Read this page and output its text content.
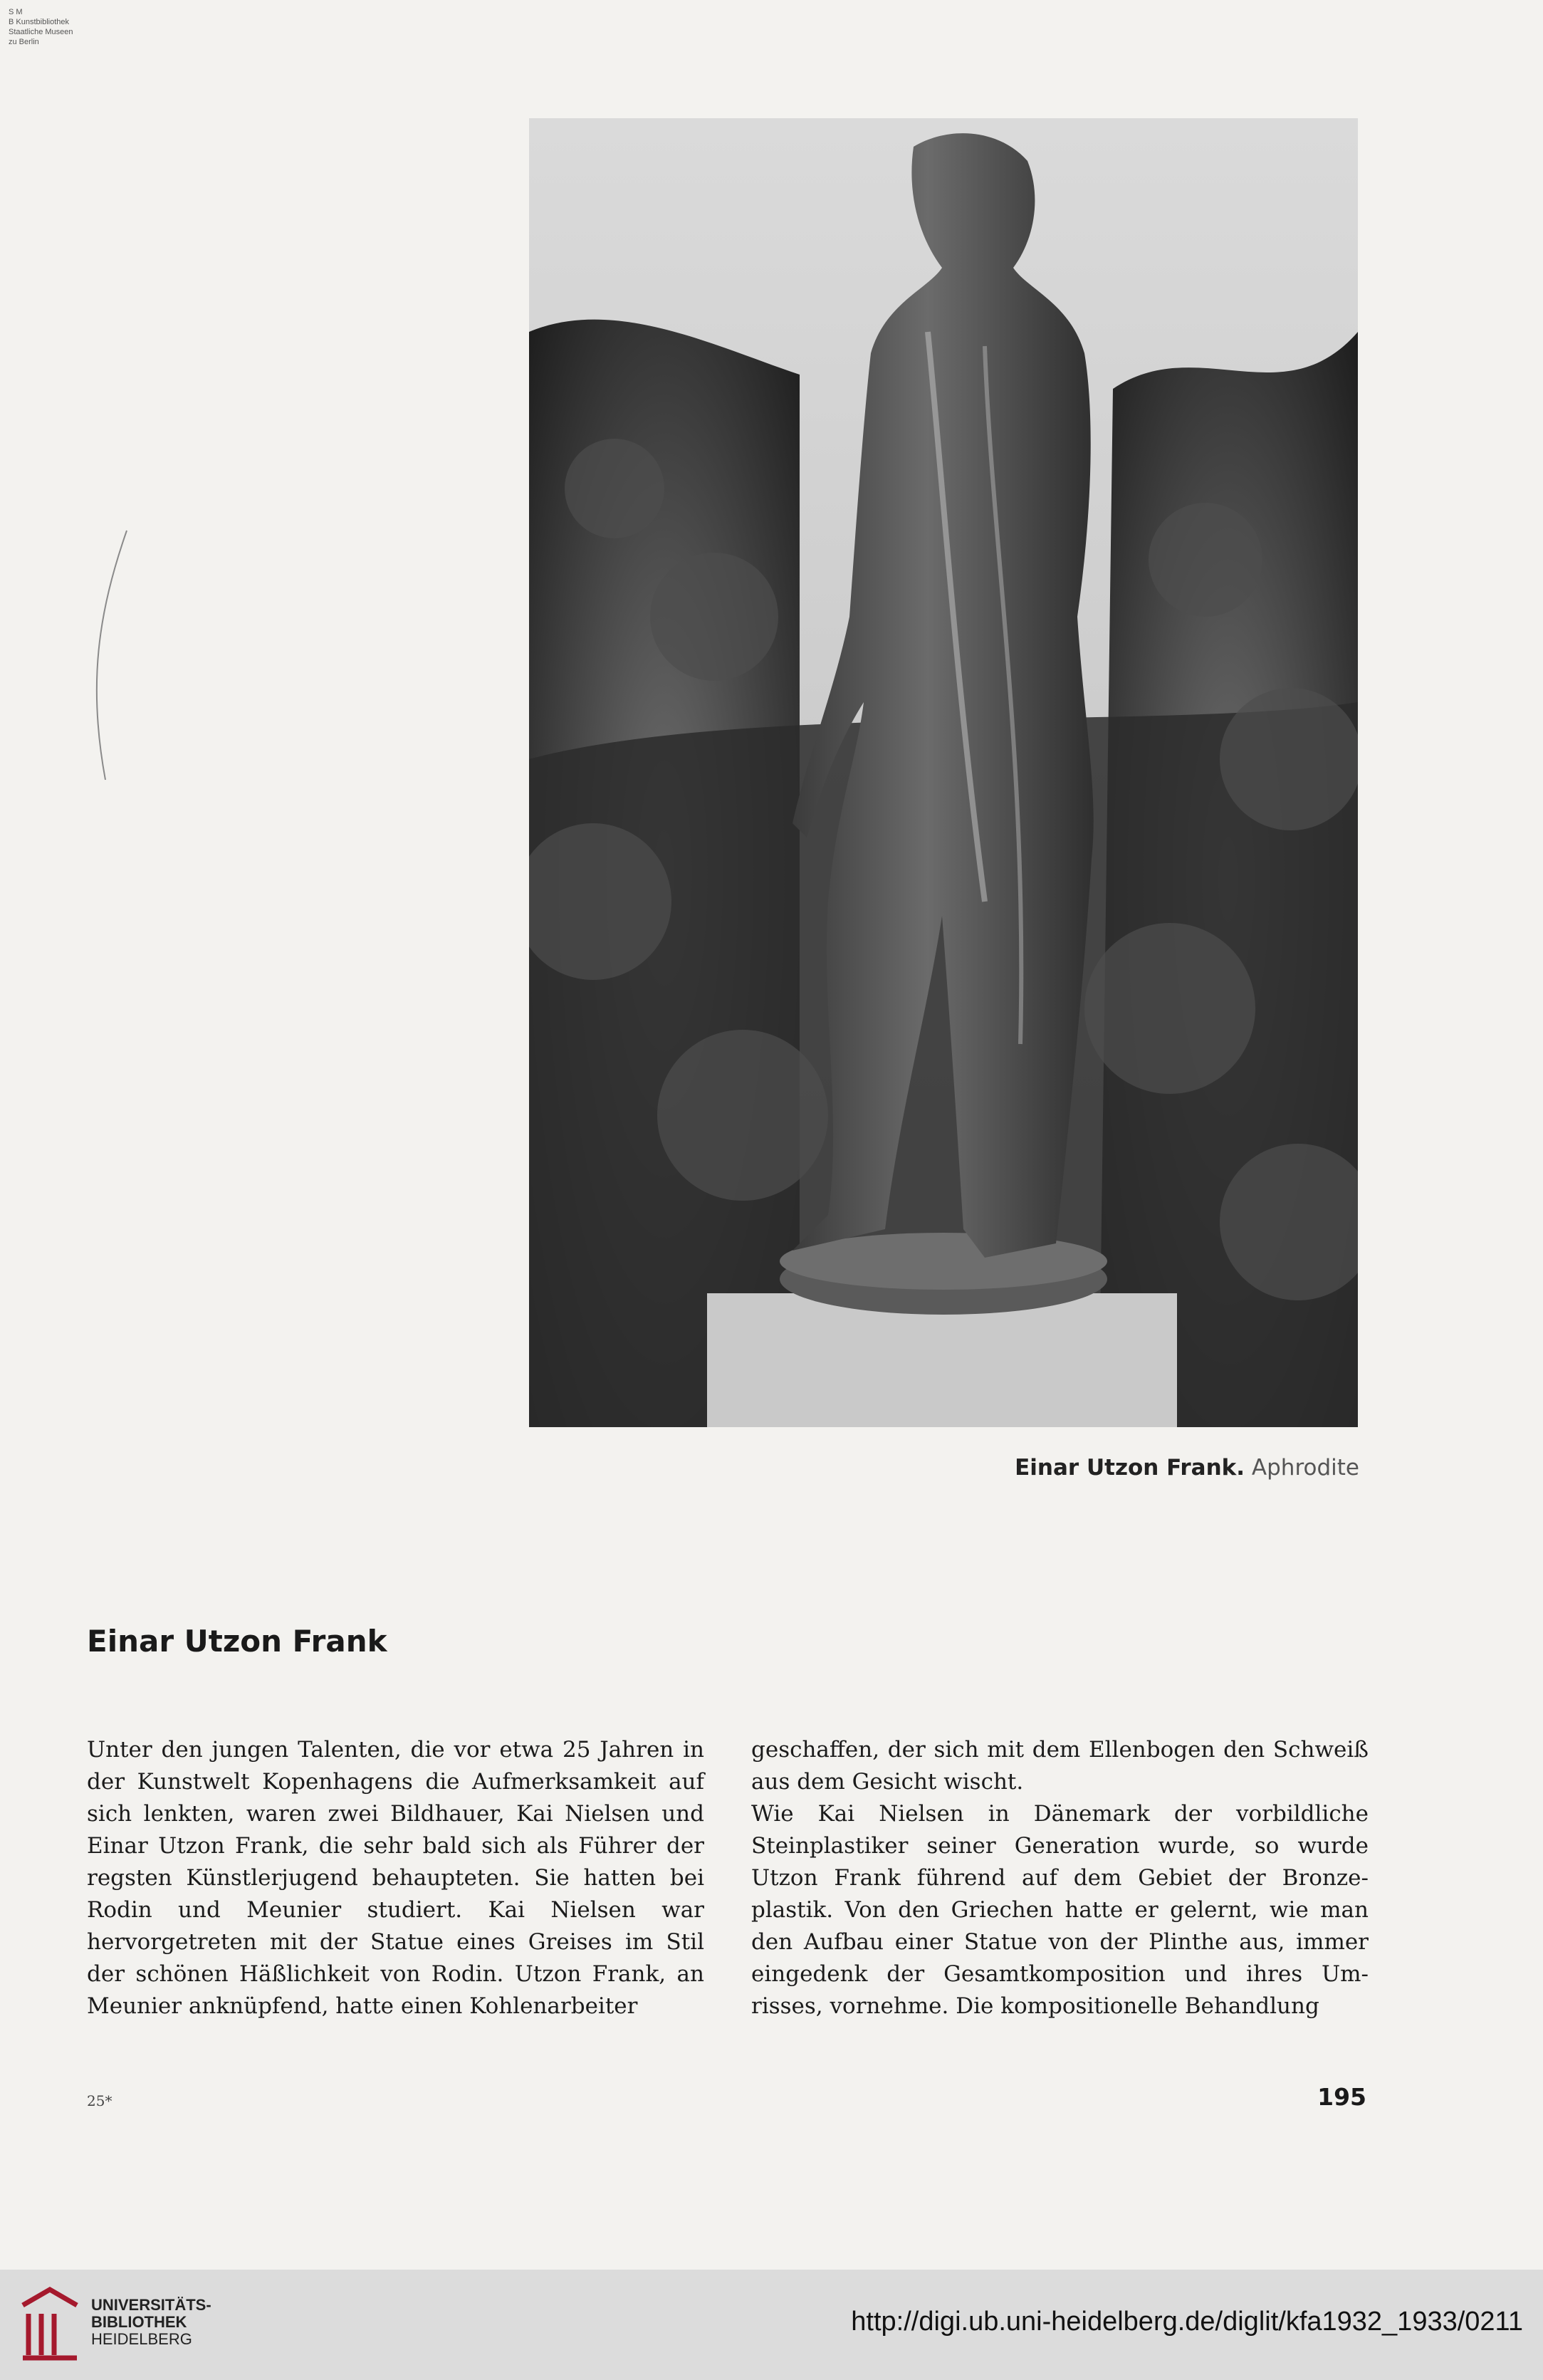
S M
B Kunstbibliothek
Staatliche Museen
zu Berlin
Einar Utzon Frank. Aphrodite
Einar Utzon Frank

Unter den jungen Talenten, die vor etwa 25 Jahren in der Kunstwelt Kopenhagens die Aufmerksamkeit auf sich lenkten, waren zwei Bildhauer, Kai Nielsen und Einar Utzon Frank, die sehr bald sich als Führer der regsten Künstlerjugend behaupteten. Sie hatten bei Rodin und Meunier studiert. Kai Nielsen war hervorgetreten mit der Statue eines Greises im Stil der schönen Häßlichkeit von Rodin. Utzon Frank, an Meunier anknüpfend, hatte einen Kohlenarbeiter

geschaffen, der sich mit dem Ellenbogen den Schweiß aus dem Gesicht wischt.

Wie Kai Nielsen in Dänemark der vorbildliche Steinplastiker seiner Generation wurde, so wurde Utzon Frank führend auf dem Gebiet der Bronzeplastik. Von den Griechen hatte er gelernt, wie man den Aufbau einer Statue von der Plinthe aus, immer eingedenk der Gesamtkomposition und ihres Umrisses, vornehme. Die kompositionelle Behandlung

25*	195
UNIVERSITÄTS-
BIBLIOTHEK
HEIDELBERG
http://digi.ub.uni-heidelberg.de/diglit/kfa1932_1933/0211
